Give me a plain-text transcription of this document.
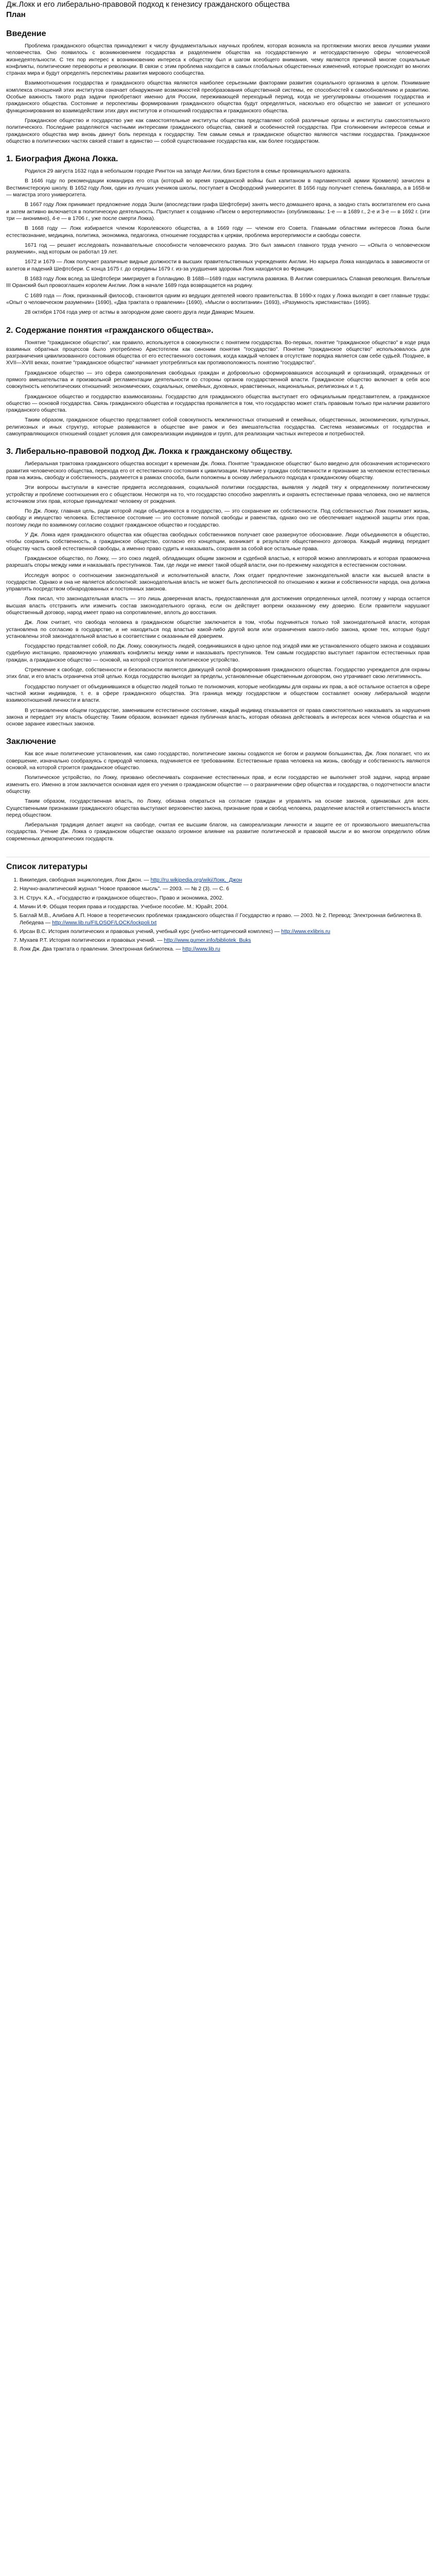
Дж.Локк и его либерально-правовой подход к генезису гражданского общества
План
Введение

Проблема гражданского общества принадлежит к числу фундаментальных научных проблем, которая возникла на протяжении многих веков лучшими умами человечества. Оно появилось с возникновением государства и разделением общества на государственную и негосударственную сферы человеческой жизнедеятельности. С тех пор интерес к возникновению интереса к обществу был и шагом всеобщего внимания, чему являются причиной многие социальные конфликты, политические перевороты и революции. В связи с этим проблема находится в самых глобальных общественных изменений, которые происходят во многих странах мира и будут определять перспективы развития мирового сообщества.

Взаимоотношения государства и гражданского общества являются наиболее серьезными факторами развития социального организма в целом. Понимание комплекса отношений этих институтов означает обнаружение возможностей преобразования общественной системы, ее способностей к самообновлению и развитию. Особые важность такого рода задачи приобретают именно для России, переживающей переходный период, когда не урегулированы отношения государства и гражданского общества. Состояние и перспективы формирования гражданского общества будут определяться, насколько его общество не зависит от успешного функционирования во взаимодействии этих двух институтов и отношений государства и гражданского общества.

Гражданское общество и государство уже как самостоятельные институты общества представляют собой различные органы и институты самостоятельного политического. Последние разделяются частными интересами гражданского общества, связей и особенностей государства. При столкновении интересов семьи и гражданского общества мир вновь двинут боль перехода к государству. Тем самым семья и гражданское общество являются частями государства. Гражданское общество в политических частях связей ставит в единство — собой существование государства как, как более государством.

1. Биография Джона Локка.

Родился 29 августа 1632 года в небольшом городке Рингтон на западе Англии, близ Бристоля в семье провинциального адвоката.

В 1646 году по рекомендации командира его отца (который во время гражданской войны был капитаном в парламентской армии Кромвеля) зачислен в Вестминстерскую школу. В 1652 году Локк, один из лучших учеников школы, поступает в Оксфордский университет. В 1656 году получает степень бакалавра, а в 1658-м — магистра этого университета.

В 1667 году Локк принимает предложение лорда Эшли (впоследствии графа Шефтсбери) занять место домашнего врача, а заодно стать воспитателем его сына и затем активно включается в политическую деятельность. Приступает к созданию «Писем о веротерпимости» (опубликованы: 1-е — в 1689 г., 2-е и 3-е — в 1692 г. (эти три — анонимно), 4-е — в 1706 г., уже после смерти Локка).

В 1668 году — Локк избирается членом Королевского общества, а в 1669 году — членом его Совета. Главными областями интересов Локка были естествознание, медицина, политика, экономика, педагогика, отношение государства к церкви, проблема веротерпимости и свободы совести.

1671 год — решает исследовать познавательные способности человеческого разума. Это был замысел главного труда ученого — «Опыта о человеческом разумении», над которым он работал 19 лет.

1672 и 1679 — Локк получает различные видные должности в высших правительственных учреждениях Англии. Но карьера Локка находилась в зависимости от взлетов и падений Шефтсбери. С конца 1675 г. до середины 1679 г. из-за ухудшения здоровья Локк находился во Франции.

В 1683 году Локк вслед за Шефтсбери эмигрирует в Голландию. В 1688—1689 годах наступила развязка. В Англии совершилась Славная революция. Вильгельм III Оранский был провозглашен королем Англии. Локк в начале 1689 года возвращается на родину.

С 1689 года — Локк, признанный философ, становится одним из ведущих деятелей нового правительства. В 1690-х годах у Локка выходят в свет главные труды: «Опыт о человеческом разумении» (1690), «Два трактата о правлении» (1690), «Мысли о воспитании» (1693), «Разумность христианства» (1695).

28 октября 1704 года умер от астмы в загородном доме своего друга леди Дамарис Мэшем.

2. Содержание понятия «гражданского общества».

Понятие "гражданское общество", как правило, используется в совокупности с понятием государства. Во-первых, понятие "гражданское общество" в ходе ряда взаимных обратных процессов было употреблено Аристотелем как синоним понятия "государство". Понятие "гражданское общество" использовалось для разграничения цивилизованного состояния общества от его естественного состояния, когда каждый человек в отсутствие порядка является сам себе судьей. Позднее, в XVII—XVIII веках, понятие "гражданское общество" начинает употребляться как противоположность понятию "государство".

Гражданское общество — это сфера самопроявления свободных граждан и добровольно сформировавшихся ассоциаций и организаций, огражденных от прямого вмешательства и произвольной регламентации деятельности со стороны органов государственной власти. Гражданское общество включает в себя всю совокупность неполитических отношений: экономических, социальных, семейных, духовных, нравственных, национальных, религиозных и т. д.

Гражданское общество и государство взаимосвязаны. Государство для гражданского общества выступает его официальным представителем, а гражданское общество — основой государства. Связь гражданского общества и государства проявляется в том, что государство может стать правовым только при наличии развитого гражданского общества.

Таким образом, гражданское общество представляет собой совокупность межличностных отношений и семейных, общественных, экономических, культурных, религиозных и иных структур, которые развиваются в обществе вне рамок и без вмешательства государства. Система независимых от государства и самоуправляющихся отношений создает условия для самореализации индивидов и групп, для реализации частных интересов и потребностей.

3. Либерально-правовой подход Дж. Локка к гражданскому обществу.

Либеральная трактовка гражданского общества восходит к временам Дж. Локка. Понятие "гражданское общество" было введено для обозначения исторического развития человеческого общества, перехода его от естественного состояния к цивилизации. Наличие у граждан собственности и признание за человеком естественных прав на жизнь, свободу и собственность, разумеется в рамках способа, были положены в основу либерального подхода к гражданскому обществу.

Эти вопросы выступали в качестве предмета исследования, социальной политики государства, выявляя у людей тягу к определенному политическому устройству и проблеме соотношения его с обществом. Несмотря на то, что государство способно закреплять и охранять естественные права человека, оно не является источником этих прав, которые принадлежат человеку от рождения.

По Дж. Локку, главная цель, ради которой люди объединяются в государство, — это сохранение их собственности. Под собственностью Локк понимает жизнь, свободу и имущество человека. Естественное состояние — это состояние полной свободы и равенства, однако оно не обеспечивает надежной защиты этих прав, поэтому люди по взаимному согласию создают гражданское общество и государство.

У Дж. Локка идея гражданского общества как общества свободных собственников получает свое развернутое обоснование. Люди объединяются в общество, чтобы сохранить собственность, а гражданское общество, согласно его концепции, возникает в результате общественного договора. Каждый индивид передает обществу часть своей естественной свободы, а именно право судить и наказывать, сохраняя за собой все остальные права.

Гражданское общество, по Локку, — это союз людей, обладающих общим законом и судебной властью, к которой можно апеллировать и которая правомочна разрешать споры между ними и наказывать преступников. Там, где люди не имеют такой общей власти, они по-прежнему находятся в естественном состоянии.

Исследуя вопрос о соотношении законодательной и исполнительной власти, Локк отдает предпочтение законодательной власти как высшей власти в государстве. Однако и она не является абсолютной: законодательная власть не может быть деспотической по отношению к жизни и собственности народа, она должна управлять посредством обнародованных и постоянных законов.

Локк писал, что законодательная власть — это лишь доверенная власть, предоставленная для достижения определенных целей, поэтому у народа остается высшая власть отстранить или изменить состав законодательного органа, если он действует вопреки оказанному ему доверию. Если правители нарушают общественный договор, народ имеет право на сопротивление, вплоть до восстания.

Дж. Локк считает, что свобода человека в гражданском обществе заключается в том, чтобы подчиняться только той законодательной власти, которая установлена по согласию в государстве, и не находиться под властью какой-либо другой воли или ограничения какого-либо закона, кроме тех, которые будут установлены этой законодательной властью в соответствии с оказанным ей доверием.

Государство представляет собой, по Дж. Локку, совокупность людей, соединившихся в одно целое под эгидой ими же установленного общего закона и создавших судебную инстанцию, правомочную улаживать конфликты между ними и наказывать преступников. Тем самым государство выступает гарантом естественных прав граждан, а гражданское общество — основой, на которой строится политическое устройство.

Стремление к свободе, собственности и безопасности является движущей силой формирования гражданского общества. Государство учреждается для охраны этих благ, и его власть ограничена этой целью. Когда государство выходит за пределы, установленные общественным договором, оно утрачивает свою легитимность.

Государство получает от объединившихся в общество людей только те полномочия, которые необходимы для охраны их прав, а всё остальное остается в сфере частной жизни индивидов, т. е. в сфере гражданского общества. Эта граница между государством и обществом составляет основу либеральной модели взаимоотношений личности и власти.

В установленном общем государстве, заменившем естественное состояние, каждый индивид отказывается от права самостоятельно наказывать за нарушения закона и передает эту власть обществу. Таким образом, возникает единая публичная власть, которая обязана действовать в интересах всех членов общества и на основе заранее известных законов.

Заключение

Как все иные политические установления, как само государство, политические законы создаются не богом и разумом большинства, Дж. Локк полагает, что их совершение, изначально сообразуясь с природой человека, подчиняется ее требованиям. Естественные права человека на жизнь, свободу и собственность являются основой, на которой строится гражданское общество.

Политическое устройство, по Локку, призвано обеспечивать сохранение естественных прав, и если государство не выполняет этой задачи, народ вправе изменить его. Именно в этом заключается основная идея его учения о гражданском обществе — о разграничении сфер общества и государства, о подотчетности власти обществу.

Таким образом, государственная власть, по Локку, обязана опираться на согласие граждан и управлять на основе законов, одинаковых для всех. Существенными признаками гражданского общества выступают верховенство закона, признание прав и свобод человека, разделение властей и ответственность власти перед обществом.

Либеральная традиция делает акцент на свободе, считая ее высшим благом, на самореализации личности и защите ее от произвольного вмешательства государства. Учение Дж. Локка о гражданском обществе оказало огромное влияние на развитие политической и правовой мысли и во многом определило облик современных демократических государств.

Список литературы
1. Википедия, свободная энциклопедия, Локк Джон. — http://ru.wikipedia.org/wiki/Локк,_Джон
2. Научно-аналитический журнал "Новое правовое мысль". — 2003. — № 2 (3). — С. 6
3. Н. Струч. К.А., «Государство и гражданское общество», Право и экономика, 2002.
4. Мачин И.Ф. Общая теория права и государства. Учебное пособие. М.: Юрайт, 2004.
5. Баглай М.В., Алибаев А.П. Новое в теоретических проблемах гражданского общества // Государство и право. — 2003. № 2. Перевод: Электронная библиотека В. Лебедева — http://www.lib.ru/FILOSOF/LOCK/lockpoli.txt
6. Ирсан В.С. История политических и правовых учений, учебный курс (учебно-методический комплекс) — http://www.exlibris.ru
7. Мухаев Р.Т. История политических и правовых учений. — http://www.gumer.info/bibliotek_Buks
8. Локк Дж. Два трактата о правлении. Электронная библиотека. — http://www.lib.ru
